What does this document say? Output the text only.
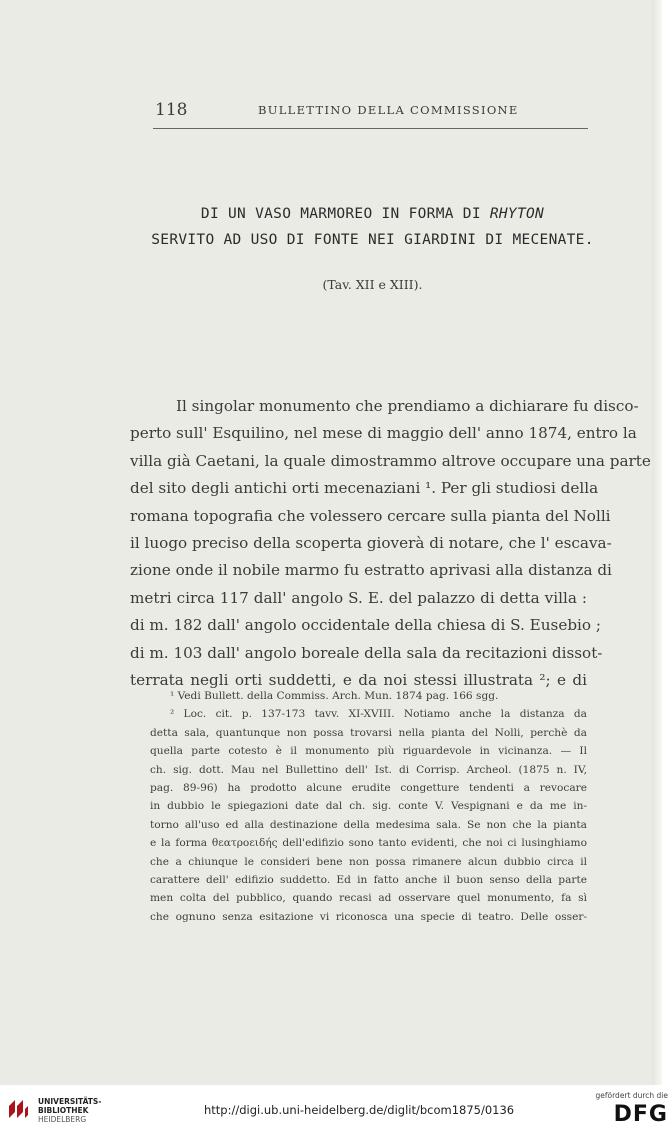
118	BULLETTINO DELLA COMMISSIONE
DI UN VASO MARMOREO IN FORMA DI RHYTON
SERVITO AD USO DI FONTE NEI GIARDINI DI MECENATE.
(Tav. XII e XIII).
Il singolar monumento che prendiamo a dichiarare fu disco-
perto sull' Esquilino, nel mese di maggio dell' anno 1874, entro la
villa già Caetani, la quale dimostrammo altrove occupare una parte
del sito degli antichi orti mecenaziani ¹. Per gli studiosi della
romana topografia che volessero cercare sulla pianta del Nolli
il luogo preciso della scoperta gioverà di notare, che l' escava-
zione onde il nobile marmo fu estratto aprivasi alla distanza di
metri circa 117 dall' angolo S. E. del palazzo di detta villa :
di m. 182 dall' angolo occidentale della chiesa di S. Eusebio ;
di m. 103 dall' angolo boreale della sala da recitazioni dissot-
terrata negli orti suddetti, e da noi stessi illustrata ²; e di
¹ Vedi Bullett. della Commiss. Arch. Mun. 1874 pag. 166 sgg.
² Loc. cit. p. 137-173 tavv. XI-XVIII. Notiamo anche la distanza da
detta sala, quantunque non possa trovarsi nella pianta del Nolli, perchè da
quella parte cotesto è il monumento più riguardevole in vicinanza. — Il
ch. sig. dott. Mau nel Bullettino dell' Ist. di Corrisp. Archeol. (1875 n. IV,
pag. 89-96) ha prodotto alcune erudite congetture tendenti a revocare
in dubbio le spiegazioni date dal ch. sig. conte V. Vespignani e da me in-
torno all'uso ed alla destinazione della medesima sala. Se non che la pianta
e la forma θεατροειδής dell'edifizio sono tanto evidenti, che noi ci lusinghiamo
che a chiunque le consideri bene non possa rimanere alcun dubbio circa il
carattere dell' edifizio suddetto. Ed in fatto anche il buon senso della parte
men colta del pubblico, quando recasi ad osservare quel monumento, fa sì
che ognuno senza esitazione vi riconosca una specie di teatro. Delle osser-
UNIVERSITÄTS-
BIBLIOTHEK
HEIDELBERG
http://digi.ub.uni-heidelberg.de/diglit/bcom1875/0136
gefördert durch die
DFG
